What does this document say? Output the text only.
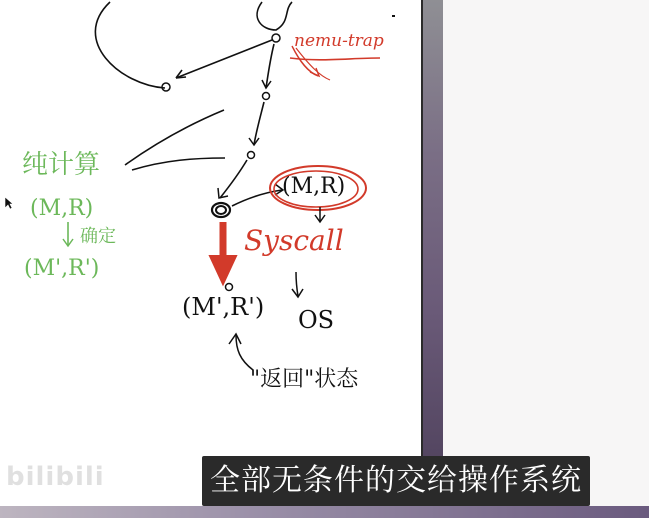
nemu-trap
(M,R)
Syscall
OS
(M',R')
"返回"状态
纯计算
(M,R)
确定
(M',R')
bilibili	全部无条件的交给操作系统
